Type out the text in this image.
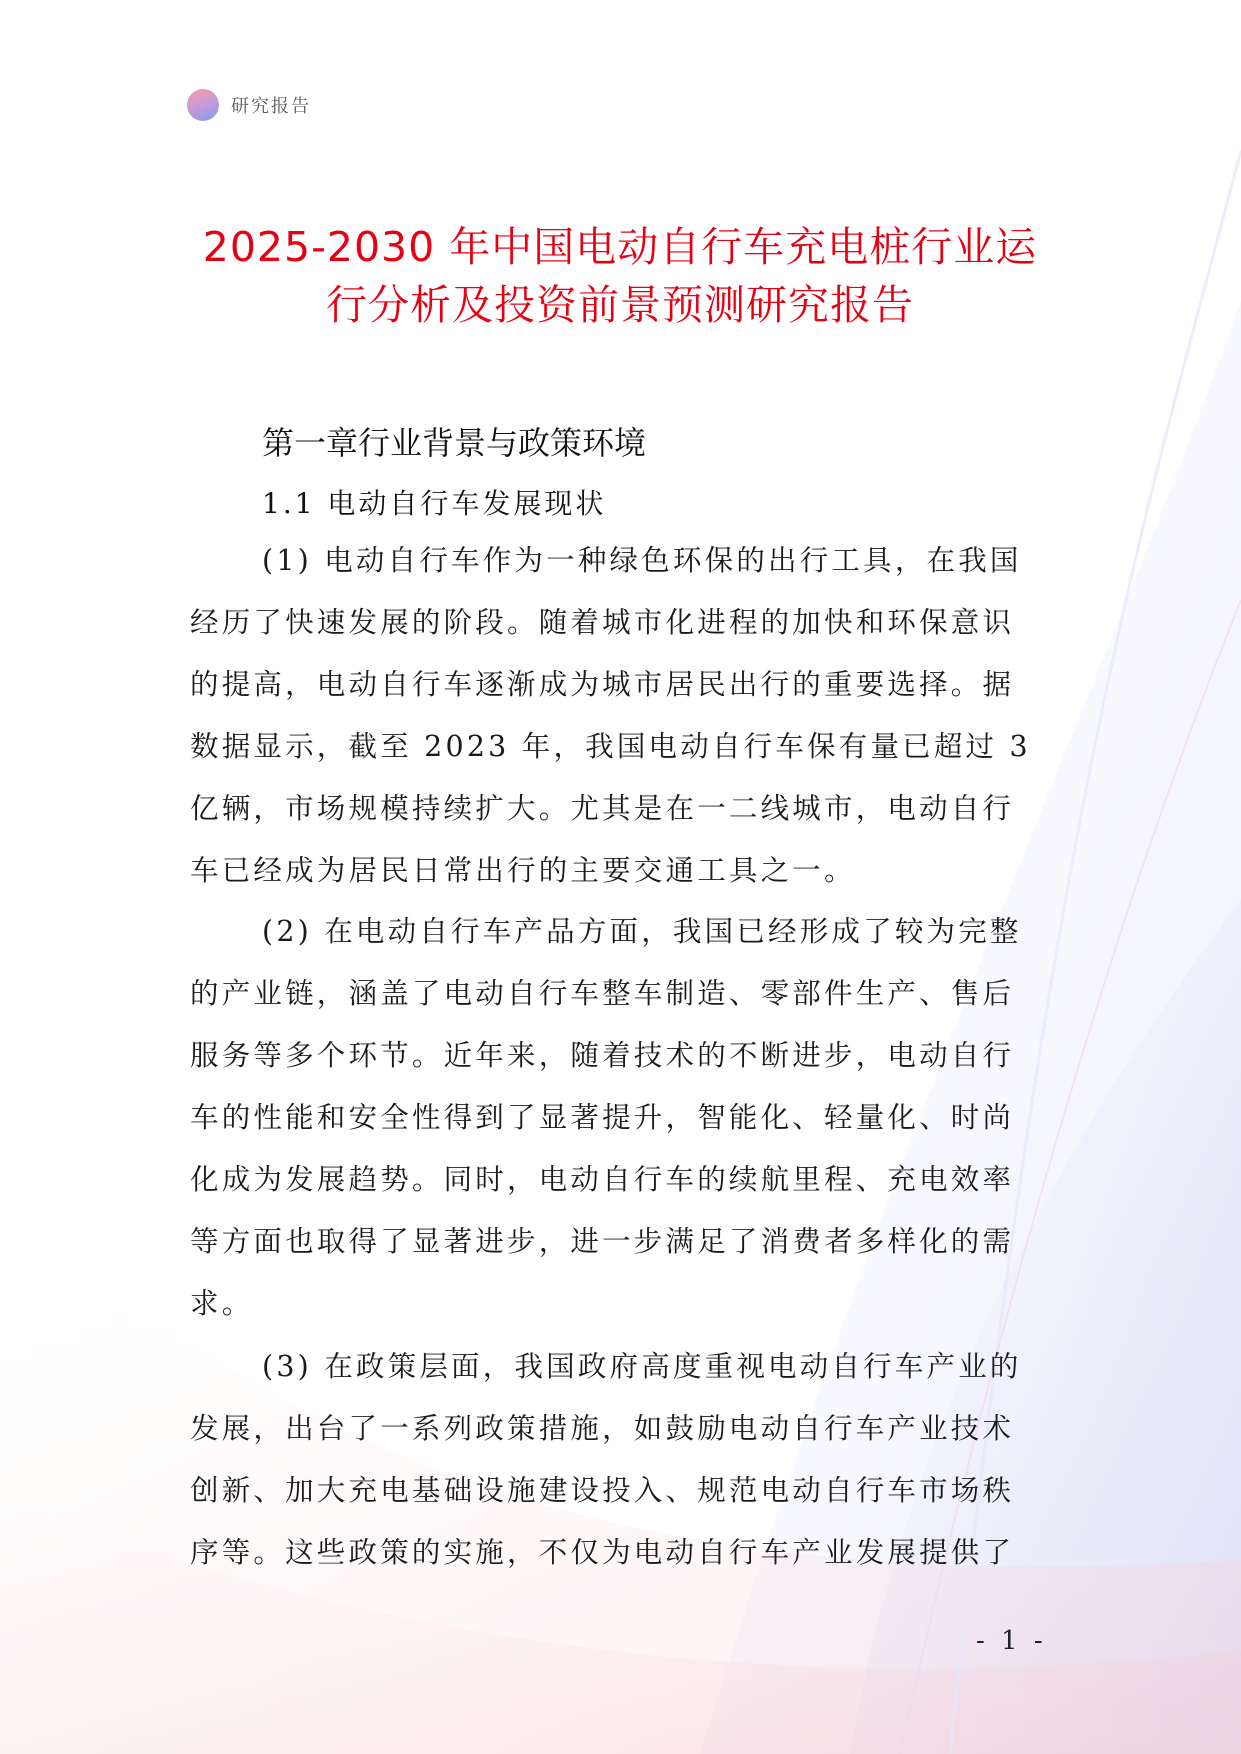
研究报告
2025-2030 年中国电动自行车充电桩行业运
行分析及投资前景预测研究报告
第一章行业背景与政策环境
1.1 电动自行车发展现状
(1) 电动自行车作为一种绿色环保的出行工具，在我国
经历了快速发展的阶段。随着城市化进程的加快和环保意识
的提高，电动自行车逐渐成为城市居民出行的重要选择。据
数据显示，截至 2023 年，我国电动自行车保有量已超过 3
亿辆，市场规模持续扩大。尤其是在一二线城市，电动自行
车已经成为居民日常出行的主要交通工具之一。
(2) 在电动自行车产品方面，我国已经形成了较为完整
的产业链，涵盖了电动自行车整车制造、零部件生产、售后
服务等多个环节。近年来，随着技术的不断进步，电动自行
车的性能和安全性得到了显著提升，智能化、轻量化、时尚
化成为发展趋势。同时，电动自行车的续航里程、充电效率
等方面也取得了显著进步，进一步满足了消费者多样化的需
求。
(3) 在政策层面，我国政府高度重视电动自行车产业的
发展，出台了一系列政策措施，如鼓励电动自行车产业技术
创新、加大充电基础设施建设投入、规范电动自行车市场秩
序等。这些政策的实施，不仅为电动自行车产业发展提供了
- 1 -
